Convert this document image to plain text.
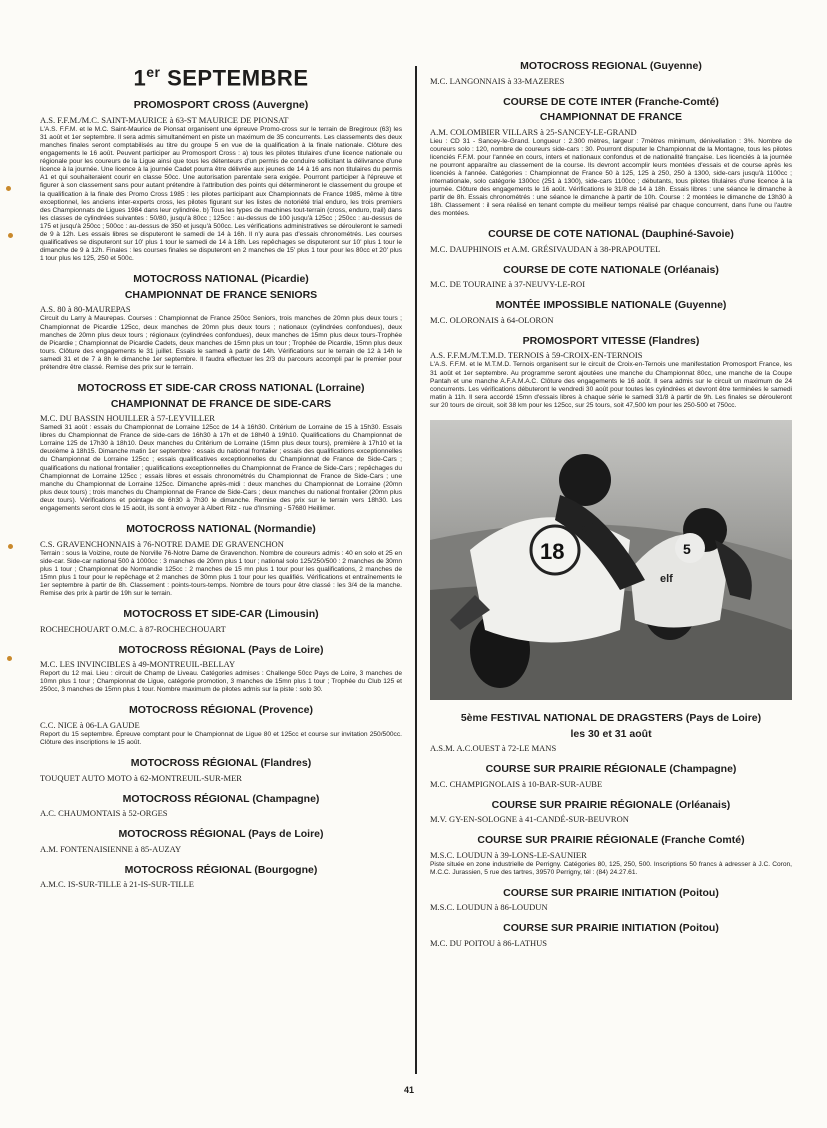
1er SEPTEMBRE
PROMOSPORT CROSS (Auvergne)
A.S. F.F.M./M.C. SAINT-MAURICE à 63-ST MAURICE DE PIONSAT

L'A.S. F.F.M. et le M.C. Saint-Maurice de Pionsat organisent une épreuve Promo-cross sur le terrain de Bregiroux (63) les 31 août et 1er septembre. Il sera admis simultanément en piste un maximum de 35 concurrents. Les classements des deux manches finales seront comptabilisés au titre du groupe 5 en vue de la qualification à la finale nationale. Clôture des engagements le 16 août. Peuvent participer au Promosport Cross : a) tous les pilotes titulaires d'une licence nationale ou régionale pour les coureurs de la Ligue ainsi que tous les détenteurs d'un permis de conduire sollicitant la délivrance d'une licence à la journée. Une licence à la journée Cadet pourra être délivrée aux jeunes de 14 à 16 ans non titulaires du permis A1 et qui souhaiteraient courir en classe 50cc. Une autorisation parentale sera exigée. Pourront participer à l'épreuve et figurer à son classement sans pour autant prétendre à l'attribution des points qui détermineront le classement du groupe et la qualification à la finale des Promo Cross 1985 : les pilotes participant aux Championnats de France 1985, même à titre exceptionnel, les anciens inter-experts cross, les pilotes figurant sur les listes de notoriété trial enduro, les trois premiers des Championnats de Ligues 1984 dans leur cylindrée. b) Tous les types de machines tout-terrain (cross, enduro, trail) dans les classes de cylindrées suivantes : 50/80, jusqu'à 80cc ; 125cc : au-dessus de 100 jusqu'à 125cc ; 250cc : au-dessus de 175 et jusqu'à 250cc ; 500cc : au-dessus de 350 et jusqu'à 500cc. Les vérifications administratives se dérouleront le samedi de 9 à 12h. Les essais libres se disputeront le samedi de 14 à 16h. Il n'y aura pas d'essais chronométrés. Les courses qualificatives se disputeront sur 10' plus 1 tour le samedi de 14 à 18h. Les repêchages se disputeront sur 10' plus 1 tour le dimanche de 9 à 12h. Finales : les courses finales se disputeront en 2 manches de 15' plus 1 tour pour les 80cc et 20' plus 1 tour plus les 125, 250 et 500c.

MOTOCROSS NATIONAL (Picardie)
CHAMPIONNAT DE FRANCE SENIORS
A.S. 80 à 80-MAUREPAS

Circuit du Larry à Maurepas. Courses : Championnat de France 250cc Seniors, trois manches de 20mn plus deux tours ; Championnat de Picardie 125cc, deux manches de 20mn plus deux tours ; nationaux (cylindrées confondues), deux manches de 20mn plus deux tours ; régionaux (cylindrées confondues), deux manches de 15mn plus deux tours-Trophée de Picardie ; Championnat de Picardie Cadets, deux manches de 15mn plus un tour ; Trophée de Picardie, 15mn plus deux tours. Clôture des engagements le 31 juillet. Essais le samedi à partir de 14h. Vérifications sur le terrain de 12 à 14h le samedi 31 et de 7 à 8h le dimanche 1er septembre. Il faudra effectuer les 2/3 du parcours accompli par le premier pour prétendre être classé. Remise des prix sur le terrain.

MOTOCROSS ET SIDE-CAR CROSS NATIONAL (Lorraine)
CHAMPIONNAT DE FRANCE DE SIDE-CARS
M.C. DU BASSIN HOUILLER à 57-LEYVILLER

Samedi 31 août : essais du Championnat de Lorraine 125cc de 14 à 16h30. Critérium de Lorraine de 15 à 15h30. Essais libres du Championnat de France de side-cars de 16h30 à 17h et de 18h40 à 19h10. Qualifications du Championnat de Lorraine 125 de 17h30 à 18h10. Deux manches du Critérium de Lorraine (15mn plus deux tours), première à 17h10 et la deuxième à 18h15. Dimanche matin 1er septembre : essais du national frontalier ; essais des qualifications exceptionnelles du Championnat de Lorraine 125cc ; essais qualificatives exceptionnelles du Championnat de France de Side-Cars ; qualifications du national frontalier ; qualifications exceptionnelles du Championnat de France de Side-Cars ; repêchages du Championnat de Lorraine 125cc ; essais libres et essais chronométrés du Championnat de France de Side-Cars ; une manche du Championnat de Lorraine 125cc. Dimanche après-midi : deux manches du Championnat de Lorraine (20mn plus deux tours) ; trois manches du Championnat de France de Side-Cars ; deux manches du national frontalier (20mn plus deux tours). Vérifications et pointage de 6h30 à 7h30 le dimanche. Remise des prix sur le terrain vers 18h30. Les engagements seront clos le 15 août, ils sont à envoyer à Albert Ritz - rue d'Insming - 57680 Heillimer.

MOTOCROSS NATIONAL (Normandie)
C.S. GRAVENCHONNAIS à 76-NOTRE DAME DE GRAVENCHON

Terrain : sous la Voizine, route de Norville 76-Notre Dame de Gravenchon. Nombre de coureurs admis : 40 en solo et 25 en side-car. Side-car national 500 à 1000cc : 3 manches de 20mn plus 1 tour ; national solo 125/250/500 : 2 manches de 30mn plus 1 tour ; Championnat de Normandie 125cc : 2 manches de 15 mn plus 1 tour pour les qualifications, 2 manches de 15mn plus 1 tour pour le repêchage et 2 manches de 30mn plus 1 tour pour les qualifiés. Vérifications et entraînements le 1er septembre à partir de 8h. Classement : points-tours-temps. Nombre de tours pour être classé : les 3/4 de la manche. Remise des prix à partir de 19h sur le terrain.

MOTOCROSS ET SIDE-CAR (Limousin)
ROCHECHOUART O.M.C. à 87-ROCHECHOUART
MOTOCROSS RÉGIONAL (Pays de Loire)
M.C. LES INVINCIBLES à 49-MONTREUIL-BELLAY

Report du 12 mai. Lieu : circuit de Champ de Liveau. Catégories admises : Challenge 50cc Pays de Loire, 3 manches de 10mn plus 1 tour ; Championnat de Ligue, catégorie promotion, 3 manches de 15mn plus 1 tour ; Trophée du Club 125 et 250cc, 3 manches de 15mn plus 1 tour. Nombre maximum de pilotes admis sur la piste : solo 30.

MOTOCROSS RÉGIONAL (Provence)
C.C. NICE à 06-LA GAUDE

Report du 15 septembre. Épreuve comptant pour le Championnat de Ligue 80 et 125cc et course sur invitation 250/500cc. Clôture des inscriptions le 15 août.

MOTOCROSS RÉGIONAL (Flandres)
TOUQUET AUTO MOTO à 62-MONTREUIL-SUR-MER
MOTOCROSS RÉGIONAL (Champagne)
A.C. CHAUMONTAIS à 52-ORGES
MOTOCROSS RÉGIONAL (Pays de Loire)
A.M. FONTENAISIENNE à 85-AUZAY
MOTOCROSS RÉGIONAL (Bourgogne)
A.M.C. IS-SUR-TILLE à 21-IS-SUR-TILLE
MOTOCROSS REGIONAL (Guyenne)
M.C. LANGONNAIS à 33-MAZERES
COURSE DE COTE INTER (Franche-Comté)
CHAMPIONNAT DE FRANCE
A.M. COLOMBIER VILLARS à 25-SANCEY-LE-GRAND

Lieu : CD 31 - Sancey-le-Grand. Longueur : 2.300 mètres, largeur : 7mètres minimum, dénivellation : 3%. Nombre de coureurs solo : 120, nombre de coureurs side-cars : 30. Pourront disputer le Championnat de la Montagne, tous les pilotes licenciés F.F.M. pour l'année en cours, inters et nationaux confondus et de nationalité française. Les licenciés à la journée ne pourront apparaître au classement de la course. Ils devront accomplir leurs montées d'essais et de course après les licenciés à l'année. Catégories : Championnat de France 50 à 125, 125 à 250, 250 à 1300, side-cars jusqu'à 1100cc ; internationale, solo catégorie 1300cc (251 à 1300), side-cars 1100cc ; débutants, tous pilotes titulaires d'une licence à la journée. Clôture des engagements le 16 août. Vérifications le 31/8 de 14 à 18h. Essais libres : une séance le dimanche à partir de 8h. Essais chronométrés : une séance le dimanche à partir de 10h. Course : 2 montées le dimanche de 13h30 à 18h. Classement : il sera réalisé en tenant compte du meilleur temps réalisé par chaque concurrent, dans l'une ou l'autre des montées.

COURSE DE COTE NATIONAL (Dauphiné-Savoie)
M.C. DAUPHINOIS et A.M. GRÉSIVAUDAN à 38-PRAPOUTEL
COURSE DE COTE NATIONALE (Orléanais)
M.C. DE TOURAINE à 37-NEUVY-LE-ROI
MONTÉE IMPOSSIBLE NATIONALE (Guyenne)
M.C. OLORONAIS à 64-OLORON
PROMOSPORT VITESSE (Flandres)
A.S. F.F.M./M.T.M.D. TERNOIS à 59-CROIX-EN-TERNOIS

L'A.S. F.F.M. et le M.T.M.D. Ternois organisent sur le circuit de Croix-en-Ternois une manifestation Promosport France, les 31 août et 1er septembre. Au programme seront ajoutées une manche du Championnat 80cc, une manche de la Coupe Pantah et une manche A.F.A.M.A.C. Clôture des engagements le 16 août. Il sera admis sur le circuit un maximum de 24 concurrents. Les vérifications débuteront le vendredi 30 août pour toutes les cylindrées et devront être terminées le samedi matin à 11h. Il sera accordé 15mn d'essais libres à chaque série le samedi 31/8 à partir de 9h. Les finales se dérouleront sur 20 tours de circuit, soit 38 km pour les 125cc, sur 25 tours, soit 47,500 km pour les 250-500 et 750cc.

5
elf
18
elf
5ème FESTIVAL NATIONAL DE DRAGSTERS (Pays de Loire)
les 30 et 31 août
A.S.M. A.C.OUEST à 72-LE MANS
COURSE SUR PRAIRIE RÉGIONALE (Champagne)
M.C. CHAMPIGNOLAIS à 10-BAR-SUR-AUBE
COURSE SUR PRAIRIE RÉGIONALE (Orléanais)
M.V. GY-EN-SOLOGNE à 41-CANDÉ-SUR-BEUVRON
COURSE SUR PRAIRIE RÉGIONALE (Franche Comté)
M.S.C. LOUDUN à 39-LONS-LE-SAUNIER

Piste située en zone industrielle de Perrigny. Catégories 80, 125, 250, 500. Inscriptions 50 francs à adresser à J.C. Coron, M.C.C. Jurassien, 5 rue des tartres, 39570 Perrigny, tél : (84) 24.27.61.

COURSE SUR PRAIRIE INITIATION (Poitou)
M.S.C. LOUDUN à 86-LOUDUN
COURSE SUR PRAIRIE INITIATION (Poitou)
M.C. DU POITOU à 86-LATHUS
41
